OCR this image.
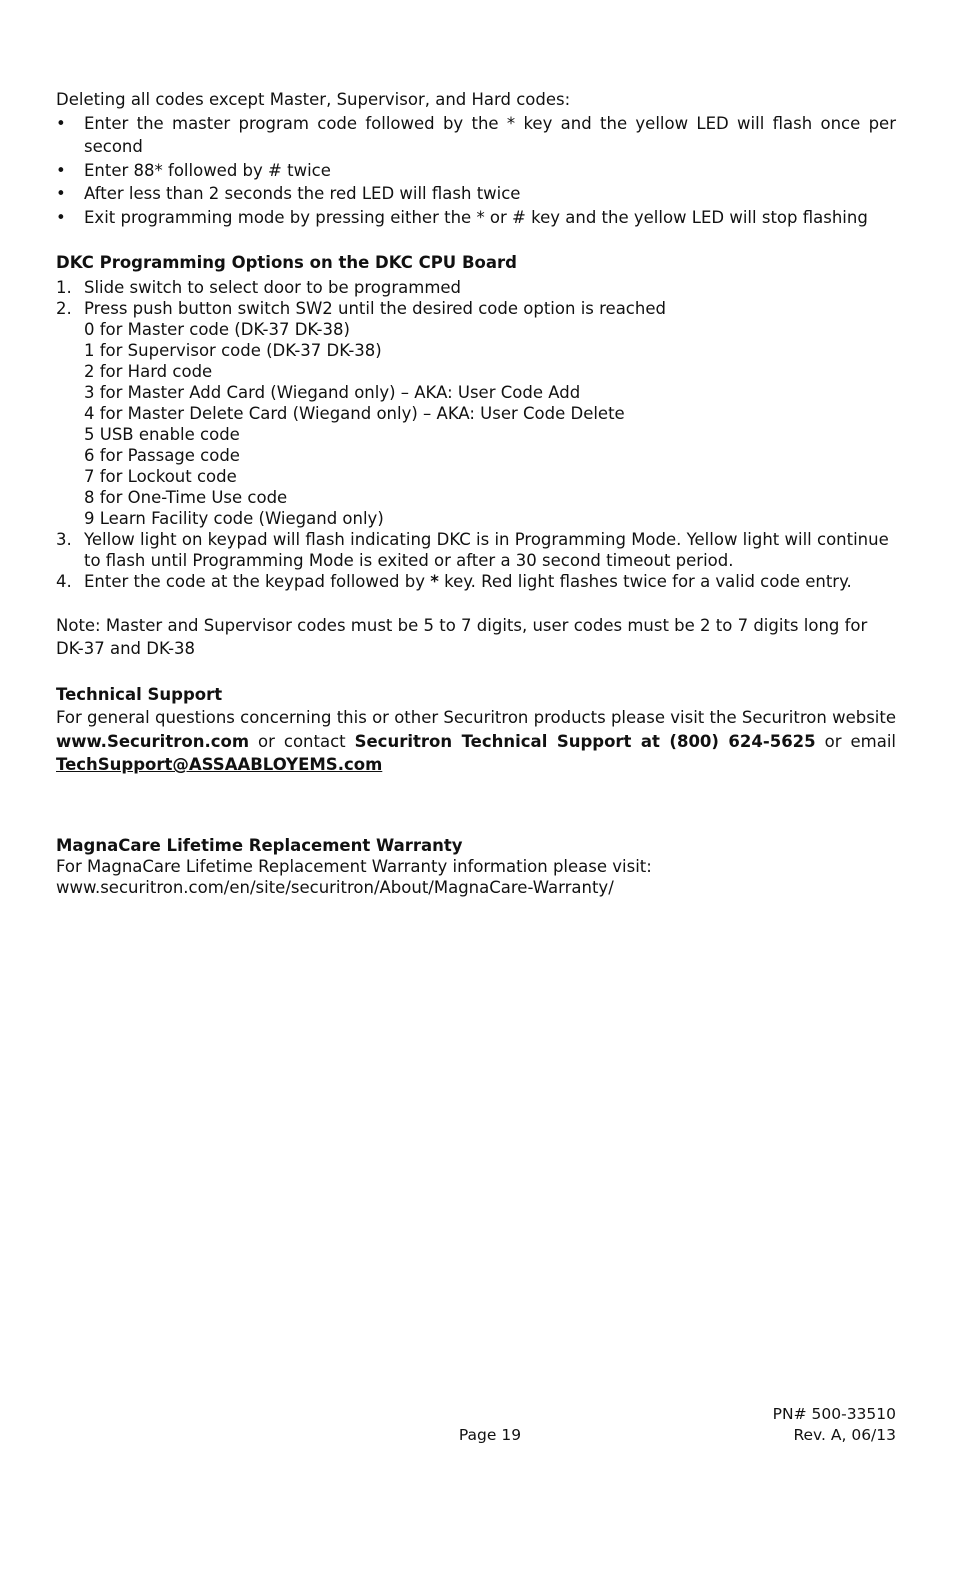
Deleting all codes except Master, Supervisor, and Hard codes:

• Enter the master program code followed by the * key and the yellow LED will flash once per second
• Enter 88* followed by # twice
• After less than 2 seconds the red LED will flash twice
• Exit programming mode by pressing either the * or # key and the yellow LED will stop flashing

DKC Programming Options on the DKC CPU Board

1. Slide switch to select door to be programmed
2. Press push button switch SW2 until the desired code option is reached
0 for Master code (DK-37 DK-38)
1 for Supervisor code (DK-37 DK-38)
2 for Hard code
3 for Master Add Card (Wiegand only) – AKA: User Code Add
4 for Master Delete Card (Wiegand only) – AKA: User Code Delete
5 USB enable code
6 for Passage code
7 for Lockout code
8 for One-Time Use code
9 Learn Facility code (Wiegand only)
3. Yellow light on keypad will flash indicating DKC is in Programming Mode. Yellow light will continue to flash until Programming Mode is exited or after a 30 second timeout period.
4. Enter the code at the keypad followed by * key. Red light flashes twice for a valid code entry.

Note: Master and Supervisor codes must be 5 to 7 digits, user codes must be 2 to 7 digits long for DK-37 and DK-38

Technical Support

For general questions concerning this or other Securitron products please visit the Securitron website www.Securitron.com or contact Securitron Technical Support at (800) 624-5625 or email TechSupport@ASSAABLOYEMS.com

MagnaCare Lifetime Replacement Warranty

For MagnaCare Lifetime Replacement Warranty information please visit:

www.securitron.com/en/site/securitron/About/MagnaCare-Warranty/

Page 19
PN# 500-33510
Rev. A, 06/13
